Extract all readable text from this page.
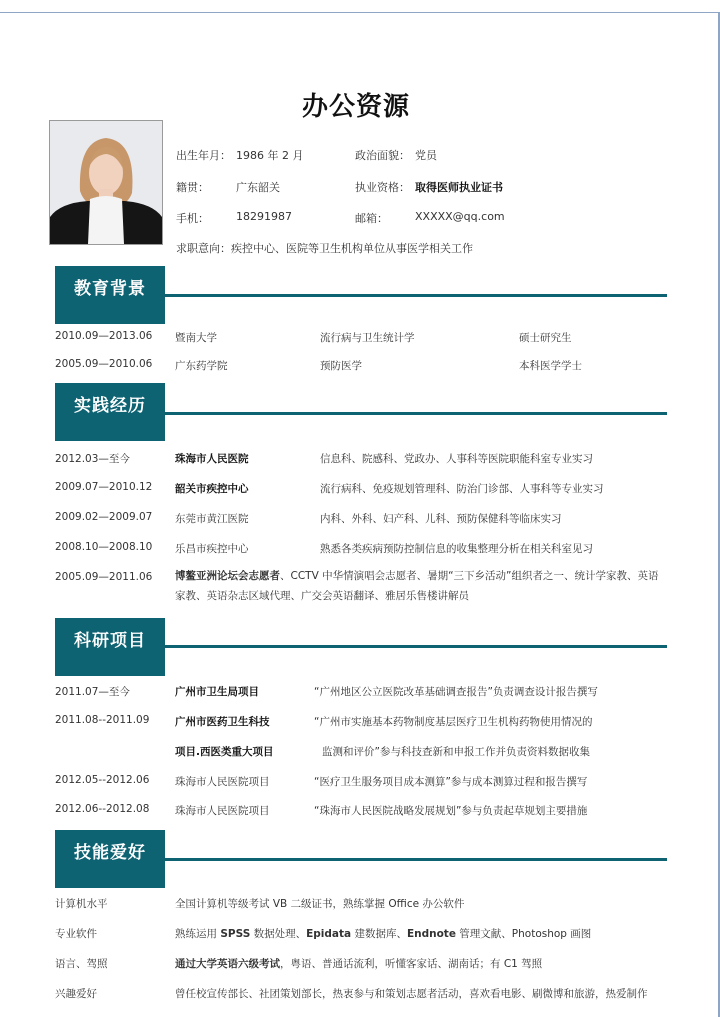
办公资源
出生年月： 1986 年 2 月	政治面貌： 党员
籍贯： 广东韶关	执业资格： 取得医师执业证书
手机： 18291987	邮箱： XXXXX@qq.com
求职意向：疾控中心、医院等卫生机构单位从事医学相关工作
教育背景
2010.09—2013.06 暨南大学	流行病与卫生统计学	硕士研究生
2005.09—2010.06 广东药学院	预防医学	本科医学学士
实践经历
2012.03—至今	珠海市人民医院	信息科、院感科、党政办、人事科等医院职能科室专业实习
2009.07—2010.12 韶关市疾控中心	流行病科、免疫规划管理科、防治门诊部、人事科等专业实习
2009.02—2009.07 东莞市黄江医院	内科、外科、妇产科、儿科、预防保健科等临床实习
2008.10—2008.10 乐昌市疾控中心	熟悉各类疾病预防控制信息的收集整理分析在相关科室见习
2005.09—2011.06 博鳌亚洲论坛会志愿者、CCTV 中华情演唱会志愿者、暑期“三下乡活动”组织者之一、统计学家教、英语家教、英语杂志区域代理、广交会英语翻译、雅居乐售楼讲解员
科研项目
2011.07—至今	广州市卫生局项目	“广州地区公立医院改革基础调查报告”负责调查设计报告撰写
2011.08--2011.09 广州市医药卫生科技	“广州市实施基本药物制度基层医疗卫生机构药物使用情况的
项目.西医类重大项目	监测和评价”参与科技查新和申报工作并负责资料数据收集
2012.05--2012.06 珠海市人民医院项目	“医疗卫生服务项目成本测算”参与成本测算过程和报告撰写
2012.06--2012.08 珠海市人民医院项目	“珠海市人民医院战略发展规划”参与负责起草规划主要措施
技能爱好
计算机水平	全国计算机等级考试 VB 二级证书，熟练掌握 Office 办公软件
专业软件	熟练运用 SPSS 数据处理、Epidata 建数据库、Endnote 管理文献、Photoshop 画图
语言、驾照	通过大学英语六级考试，粤语、普通话流利，听懂客家话、湖南话；有 C1 驾照
兴趣爱好	曾任校宣传部长、社团策划部长，热衷参与和策划志愿者活动，喜欢看电影、刷微博和旅游，热爱制作
